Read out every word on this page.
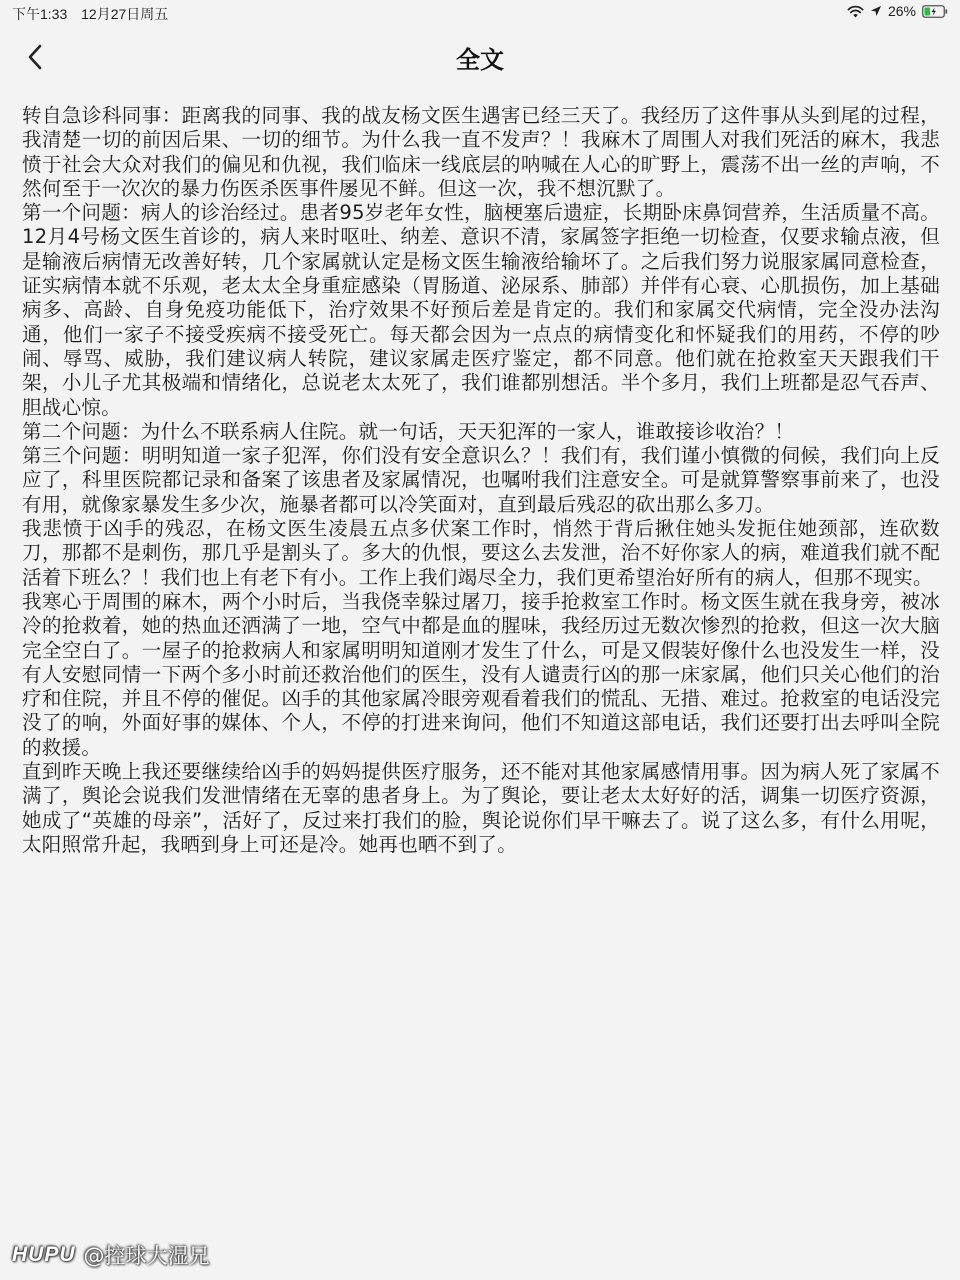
下午1:33 12月27日周五	26%
全文

转自急诊科同事：距离我的同事、我的战友杨文医生遇害已经三天了。我经历了这件事从头到尾的过程，我清楚一切的前因后果、一切的细节。为什么我一直不发声？！我麻木了周围人对我们死活的麻木，我悲愤于社会大众对我们的偏见和仇视，我们临床一线底层的呐喊在人心的旷野上，震荡不出一丝的声响，不然何至于一次次的暴力伤医杀医事件屡见不鲜。但这一次，我不想沉默了。

第一个问题：病人的诊治经过。患者95岁老年女性，脑梗塞后遗症，长期卧床鼻饲营养，生活质量不高。12月4号杨文医生首诊的，病人来时呕吐、纳差、意识不清，家属签字拒绝一切检查，仅要求输点液，但是输液后病情无改善好转，几个家属就认定是杨文医生输液给输坏了。之后我们努力说服家属同意检查，证实病情本就不乐观，老太太全身重症感染（胃肠道、泌尿系、肺部）并伴有心衰、心肌损伤，加上基础病多、高龄、自身免疫功能低下，治疗效果不好预后差是肯定的。我们和家属交代病情，完全没办法沟通，他们一家子不接受疾病不接受死亡。每天都会因为一点点的病情变化和怀疑我们的用药，不停的吵闹、辱骂、威胁，我们建议病人转院，建议家属走医疗鉴定，都不同意。他们就在抢救室天天跟我们干架，小儿子尤其极端和情绪化，总说老太太死了，我们谁都别想活。半个多月，我们上班都是忍气吞声、胆战心惊。

第二个问题：为什么不联系病人住院。就一句话，天天犯浑的一家人，谁敢接诊收治？！

第三个问题：明明知道一家子犯浑，你们没有安全意识么？！我们有，我们谨小慎微的伺候，我们向上反应了，科里医院都记录和备案了该患者及家属情况，也嘱咐我们注意安全。可是就算警察事前来了，也没有用，就像家暴发生多少次，施暴者都可以冷笑面对，直到最后残忍的砍出那么多刀。

我悲愤于凶手的残忍，在杨文医生凌晨五点多伏案工作时，悄然于背后揪住她头发扼住她颈部，连砍数刀，那都不是刺伤，那几乎是割头了。多大的仇恨，要这么去发泄，治不好你家人的病，难道我们就不配活着下班么？！我们也上有老下有小。工作上我们竭尽全力，我们更希望治好所有的病人，但那不现实。

我寒心于周围的麻木，两个小时后，当我侥幸躲过屠刀，接手抢救室工作时。杨文医生就在我身旁，被冰冷的抢救着，她的热血还洒满了一地，空气中都是血的腥味，我经历过无数次惨烈的抢救，但这一次大脑完全空白了。一屋子的抢救病人和家属明明知道刚才发生了什么，可是又假装好像什么也没发生一样，没有人安慰同情一下两个多小时前还救治他们的医生，没有人谴责行凶的那一床家属，他们只关心他们的治疗和住院，并且不停的催促。凶手的其他家属冷眼旁观看着我们的慌乱、无措、难过。抢救室的电话没完没了的响，外面好事的媒体、个人，不停的打进来询问，他们不知道这部电话，我们还要打出去呼叫全院的救援。

直到昨天晚上我还要继续给凶手的妈妈提供医疗服务，还不能对其他家属感情用事。因为病人死了家属不满了，舆论会说我们发泄情绪在无辜的患者身上。为了舆论，要让老太太好好的活，调集一切医疗资源，她成了“英雄的母亲”，活好了，反过来打我们的脸，舆论说你们早干嘛去了。说了这么多，有什么用呢，太阳照常升起，我晒到身上可还是冷。她再也晒不到了。

HUPU @控球大湿兄
